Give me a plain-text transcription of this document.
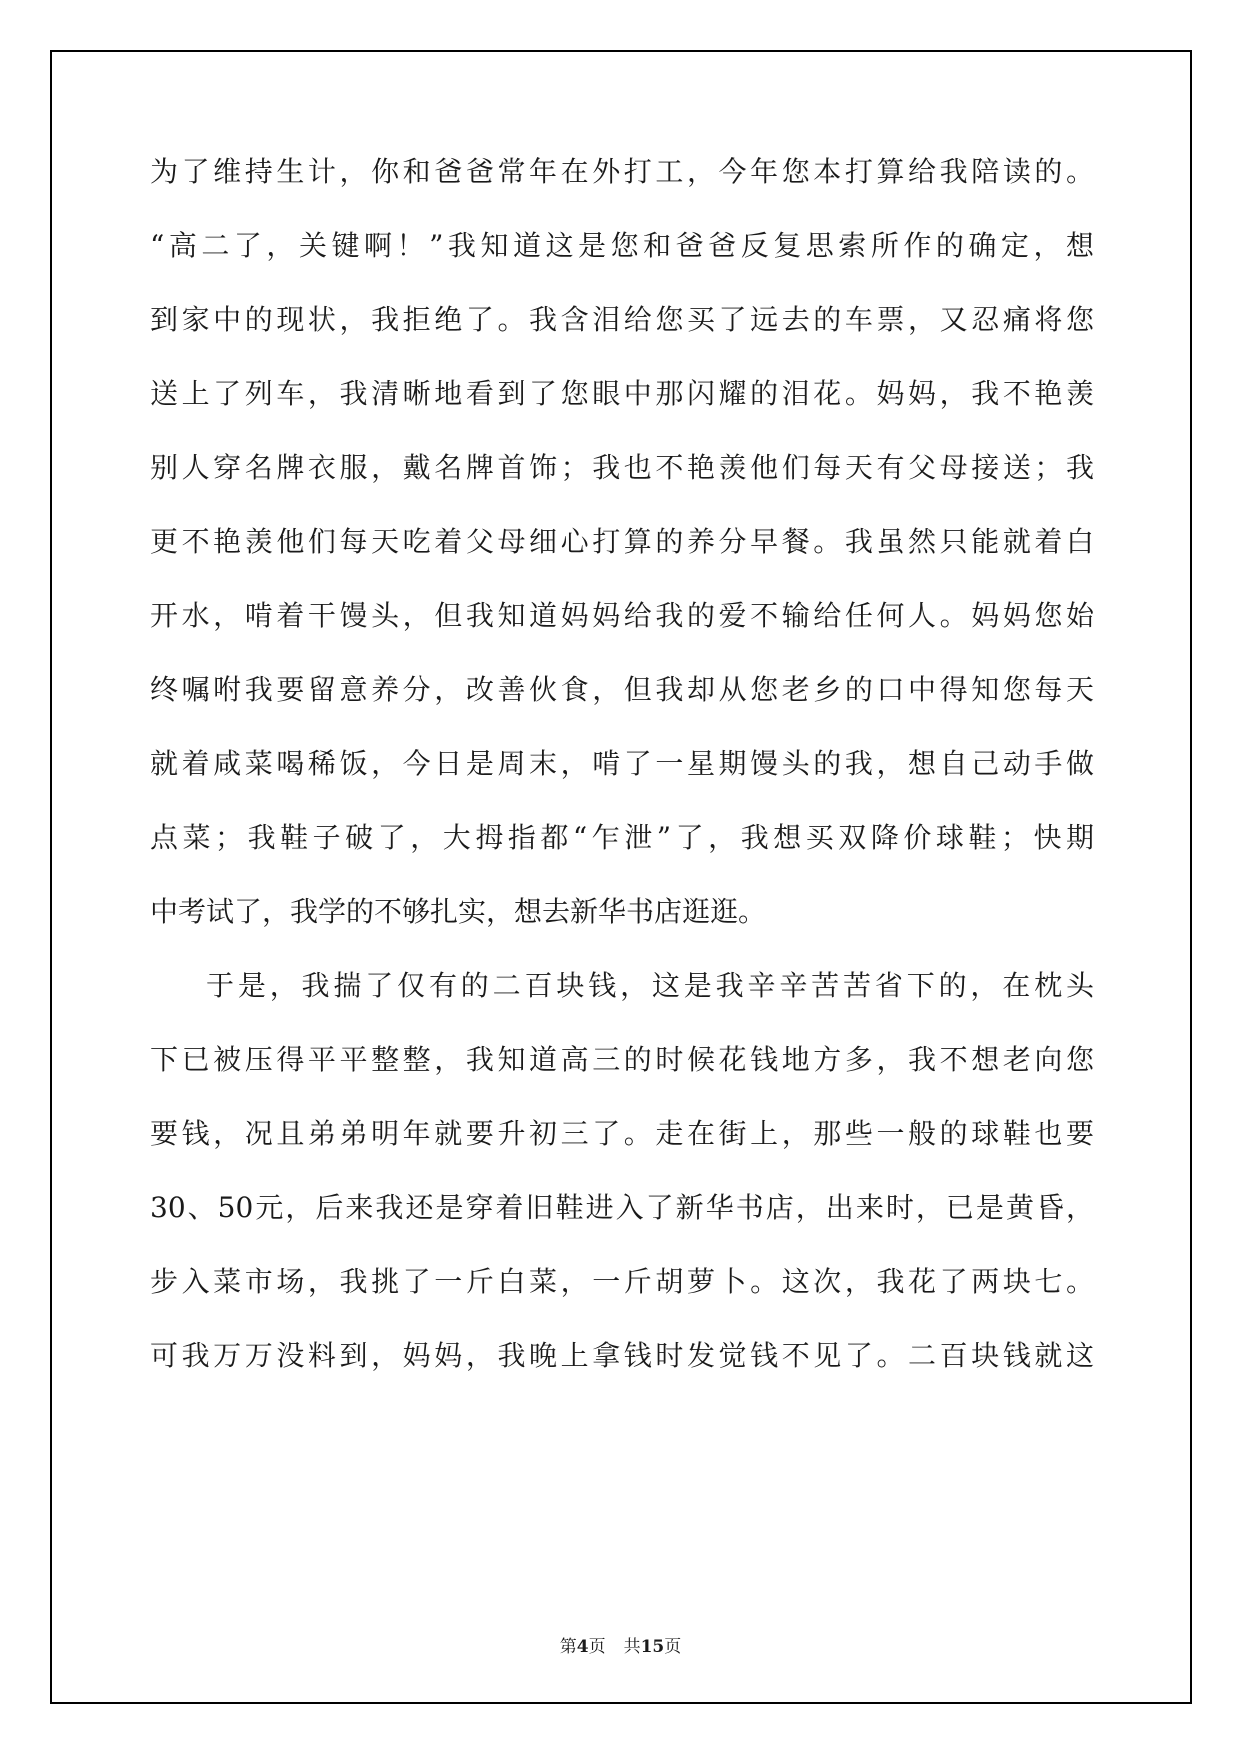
为了维持生计，你和爸爸常年在外打工，今年您本打算给我陪读的。
“高二了，关键啊！”我知道这是您和爸爸反复思索所作的确定，想
到家中的现状，我拒绝了。我含泪给您买了远去的车票，又忍痛将您
送上了列车，我清晰地看到了您眼中那闪耀的泪花。妈妈，我不艳羡
别人穿名牌衣服，戴名牌首饰；我也不艳羡他们每天有父母接送；我
更不艳羡他们每天吃着父母细心打算的养分早餐。我虽然只能就着白
开水，啃着干馒头，但我知道妈妈给我的爱不输给任何人。妈妈您始
终嘱咐我要留意养分，改善伙食，但我却从您老乡的口中得知您每天
就着咸菜喝稀饭，今日是周末，啃了一星期馒头的我，想自己动手做
点菜；我鞋子破了，大拇指都“乍泄”了，我想买双降价球鞋；快期
中考试了，我学的不够扎实，想去新华书店逛逛。
于是，我揣了仅有的二百块钱，这是我辛辛苦苦省下的，在枕头
下已被压得平平整整，我知道高三的时候花钱地方多，我不想老向您
要钱，况且弟弟明年就要升初三了。走在街上，那些一般的球鞋也要
30、50元，后来我还是穿着旧鞋进入了新华书店，出来时，已是黄昏，
步入菜市场，我挑了一斤白菜，一斤胡萝卜。这次，我花了两块七。
可我万万没料到，妈妈，我晚上拿钱时发觉钱不见了。二百块钱就这
第4页 共15页
